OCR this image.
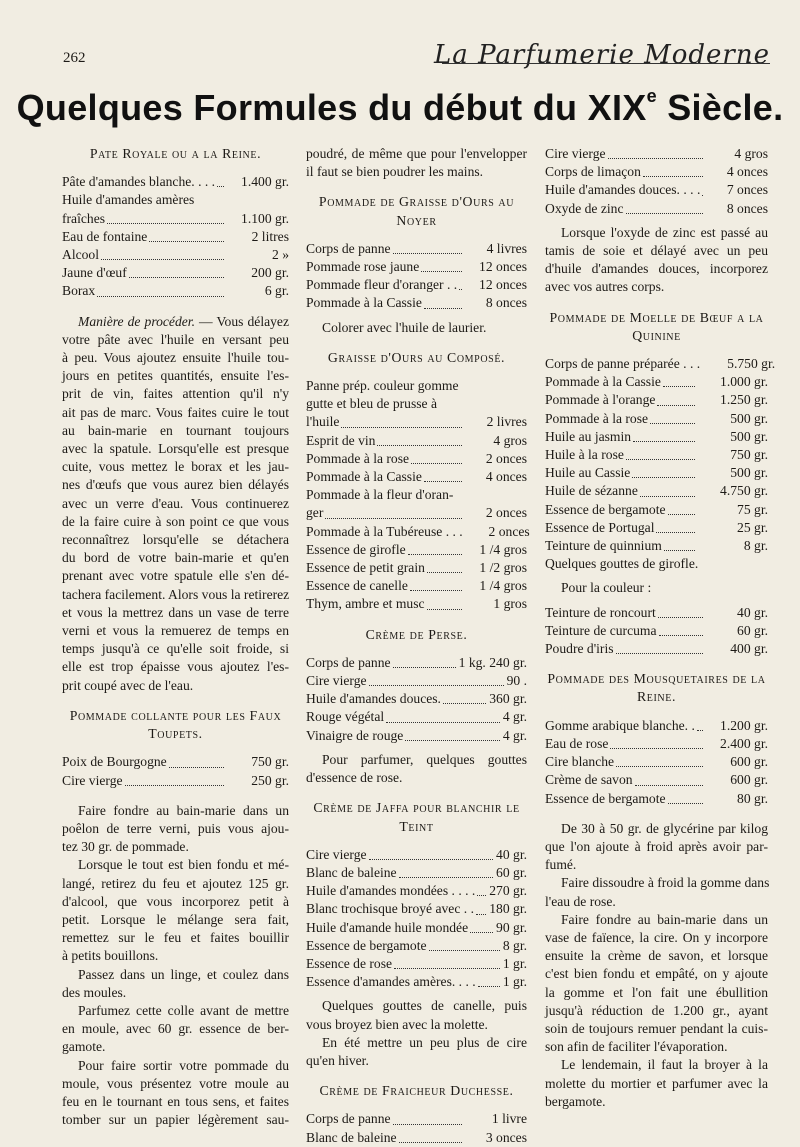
262	La Parfumerie Moderne
Quelques Formules du début du XIXe Siècle.
Pate Royale ou a la Reine.
Pâte d'amandes blanche. . . .	1.400 gr.
Huile d'amandes amères
fraîches	1.100 gr.
Eau de fontaine	2 litres
Alcool	2 »
Jaune d'œuf	200 gr.
Borax	6 gr.
Manière de procéder. — Vous délayez
votre pâte avec l'huile en versant peu
à peu. Vous ajoutez ensuite l'huile tou-
jours en petites quantités, ensuite l'es-
prit de vin, faites attention qu'il n'y
ait pas de marc. Vous faites cuire le tout
au bain-marie en tournant toujours
avec la spatule. Lorsqu'elle est presque
cuite, vous mettez le borax et les jau-
nes d'œufs que vous aurez bien délayés
avec un verre d'eau. Vous continuerez
de la faire cuire à son point ce que vous
reconnaîtrez lorsqu'elle se détachera
du bord de votre bain-marie et qu'en
prenant avec votre spatule elle s'en dé-
tachera facilement. Alors vous la retirerez
et vous la mettrez dans un vase de terre
verni et vous la remuerez de temps en
temps jusqu'à ce qu'elle soit froide, si
elle est trop épaisse vous ajoutez l'es-
prit coupé avec de l'eau.
Pommade collante pour les Faux
Toupets.
Poix de Bourgogne	750 gr.
Cire vierge	250 gr.
Faire fondre au bain-marie dans un
poêlon de terre verni, puis vous ajou-
tez 30 gr. de pommade.
Lorsque le tout est bien fondu et mé-
langé, retirez du feu et ajoutez 125 gr.
d'alcool, que vous incorporez petit à
petit. Lorsque le mélange sera fait,
remettez sur le feu et faites bouillir
à petits bouillons.
Passez dans un linge, et coulez dans
des moules.
Parfumez cette colle avant de mettre
en moule, avec 60 gr. essence de ber-
gamote.
Pour faire sortir votre pommade du
moule, vous présentez votre moule au
feu en le tournant en tous sens, et faites
tomber sur un papier légèrement sau-
poudré, de même que pour l'envelopper
il faut se bien poudrer les mains.
Pommade de Graisse d'Ours au Noyer
Corps de panne	4 livres
Pommade rose jaune	12 onces
Pommade fleur d'oranger . .	12 onces
Pommade à la Cassie	8 onces
Colorer avec l'huile de laurier.
Graisse d'Ours au Composé.
Panne prép. couleur gomme
gutte et bleu de prusse à
l'huile	2 livres
Esprit de vin	4 gros
Pommade à la rose	2 onces
Pommade à la Cassie	4 onces
Pommade à la fleur d'oran-
ger	2 onces
Pommade à la Tubéreuse . . .	2 onces
Essence de girofle	1 /4 gros
Essence de petit grain	1 /2 gros
Essence de canelle	1 /4 gros
Thym, ambre et musc	1 gros
Crème de Perse.
Corps de panne	1 kg. 240 gr.
Cire vierge	90 .
Huile d'amandes douces.	360 gr.
Rouge végétal	4 gr.
Vinaigre de rouge	4 gr.
Pour parfumer, quelques gouttes
d'essence de rose.
Crème de Jaffa pour blanchir le Teint
Cire vierge	40 gr.
Blanc de baleine	60 gr.
Huile d'amandes mondées . . . . 270 gr.
Blanc trochisque broyé avec . . 180 gr.
Huile d'amande huile mondée 90 gr.
Essence de bergamote	8 gr.
Essence de rose	1 gr.
Essence d'amandes amères. . . . 1 gr.
Quelques gouttes de canelle, puis
vous broyez bien avec la molette.
En été mettre un peu plus de cire
qu'en hiver.
Crème de Fraicheur Duchesse.
Corps de panne	1 livre
Blanc de baleine	3 onces
Cire vierge	4 gros
Corps de limaçon	4 onces
Huile d'amandes douces. . . .	7 onces
Oxyde de zinc	8 onces
Lorsque l'oxyde de zinc est passé au
tamis de soie et délayé avec un peu
d'huile d'amandes douces, incorporez
avec vos autres corps.
Pommade de Moelle de Bœuf a la
Quinine
Corps de panne préparée . . .	5.750 gr.
Pommade à la Cassie	1.000 gr.
Pommade à l'orange	1.250 gr.
Pommade à la rose	500 gr.
Huile au jasmin	500 gr.
Huile à la rose	750 gr.
Huile au Cassie	500 gr.
Huile de sézanne	4.750 gr.
Essence de bergamote	75 gr.
Essence de Portugal	25 gr.
Teinture de quinnium	8 gr.
Quelques gouttes de girofle.
Pour la couleur :
Teinture de roncourt	40 gr.
Teinture de curcuma	60 gr.
Poudre d'iris	400 gr.
Pommade des Mousquetaires de la
Reine.
Gomme arabique blanche. .	1.200 gr.
Eau de rose	2.400 gr.
Cire blanche	600 gr.
Crème de savon	600 gr.
Essence de bergamote	80 gr.
De 30 à 50 gr. de glycérine par kilog
que l'on ajoute à froid après avoir par-
fumé.
Faire dissoudre à froid la gomme dans
l'eau de rose.
Faire fondre au bain-marie dans un
vase de faïence, la cire. On y incorpore
ensuite la crème de savon, et lorsque
c'est bien fondu et empâté, on y ajoute
la gomme et l'on fait une ébullition
jusqu'à réduction de 1.200 gr., ayant
soin de toujours remuer pendant la cuis-
son afin de faciliter l'évaporation.
Le lendemain, il faut la broyer à la
molette du mortier et parfumer avec la
bergamote.
